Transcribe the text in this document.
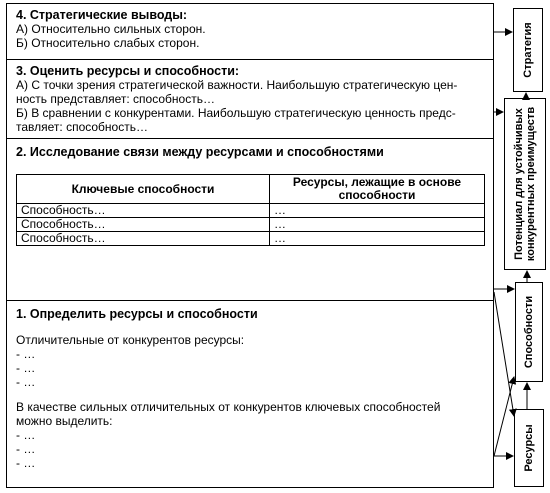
4. Стратегические выводы:
А) Относительно сильных сторон.
Б) Относительно слабых сторон.
3. Оценить ресурсы и способности:
А) С точки зрения стратегической важности. Наибольшую стратегическую цен-
ность представляет: способность…
Б) В сравнении с конкурентами. Наибольшую стратегическую ценность предс-
тавляет: способность…
2. Исследование связи между ресурсами и способностями
Ключевые способности	Ресурсы, лежащие в основе способности
Способность…	…
Способность…	…
Способность…	…
1. Определить ресурсы и способности
Отличительные от конкурентов ресурсы:
- …
- …
- …
В качестве сильных отличительных от конкурентов ключевых способностей
можно выделить:
- …
- …
- …
Стратегия
Потенциал для устойчивых конкурентных преимуществ
Способности
Ресурсы
